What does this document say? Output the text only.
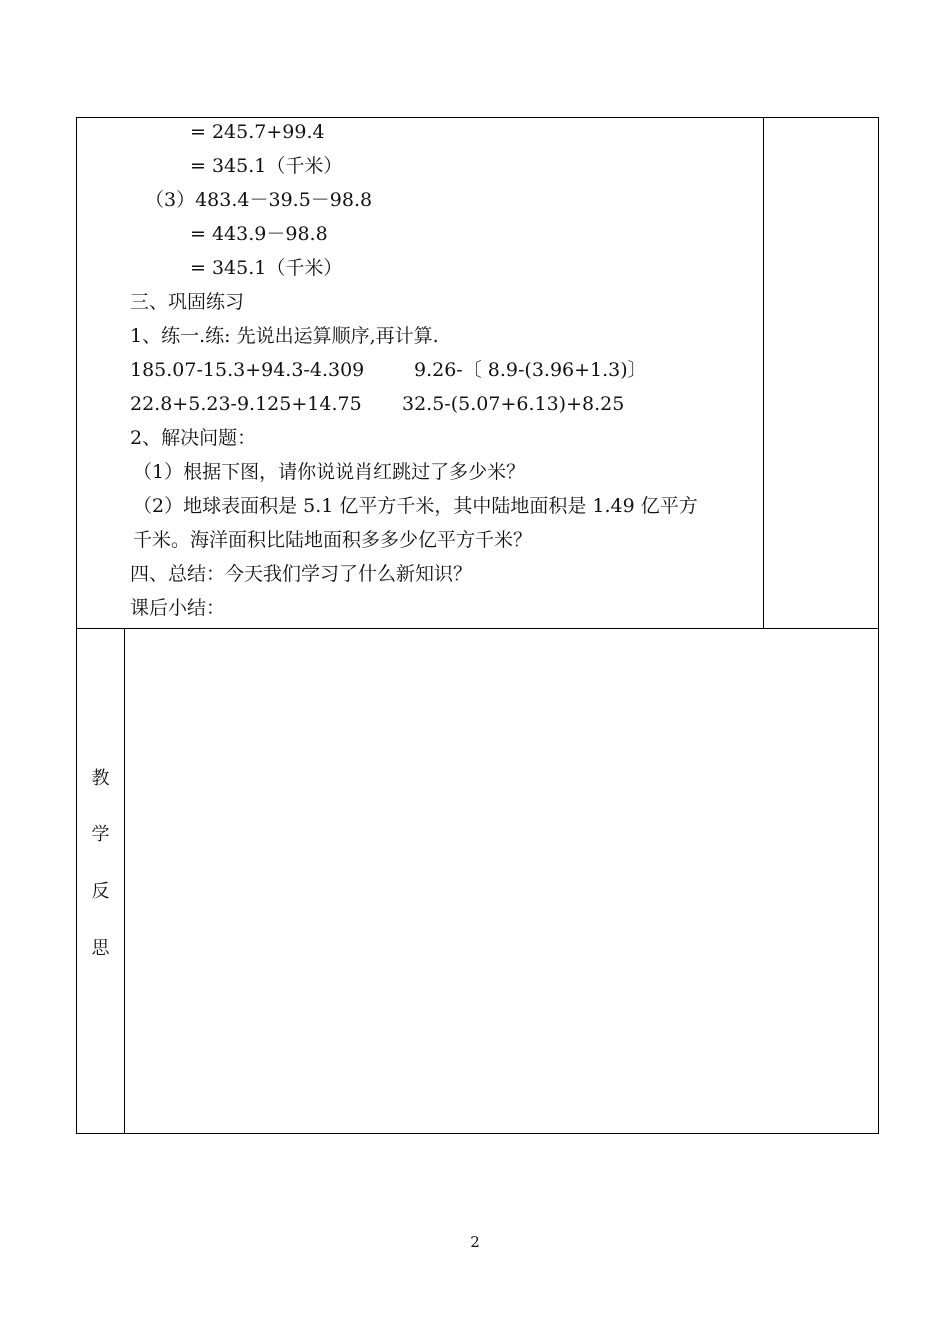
= 245.7+99.4
= 345.1（千米）
（3）483.4－39.5－98.8
= 443.9－98.8
= 345.1（千米）
三、巩固练习
1、练一.练: 先说出运算顺序,再计算.
185.07-15.3+94.3-4.309	9.26-〔 8.9-(3.96+1.3)〕
22.8+5.23-9.125+14.75 32.5-(5.07+6.13)+8.25
2、解决问题：
（1）根据下图，请你说说肖红跳过了多少米？
（2）地球表面积是 5.1 亿平方千米，其中陆地面积是 1.49 亿平方
千米。海洋面积比陆地面积多多少亿平方千米？
四、总结：今天我们学习了什么新知识？
课后小结：
教
学
反
思
2
